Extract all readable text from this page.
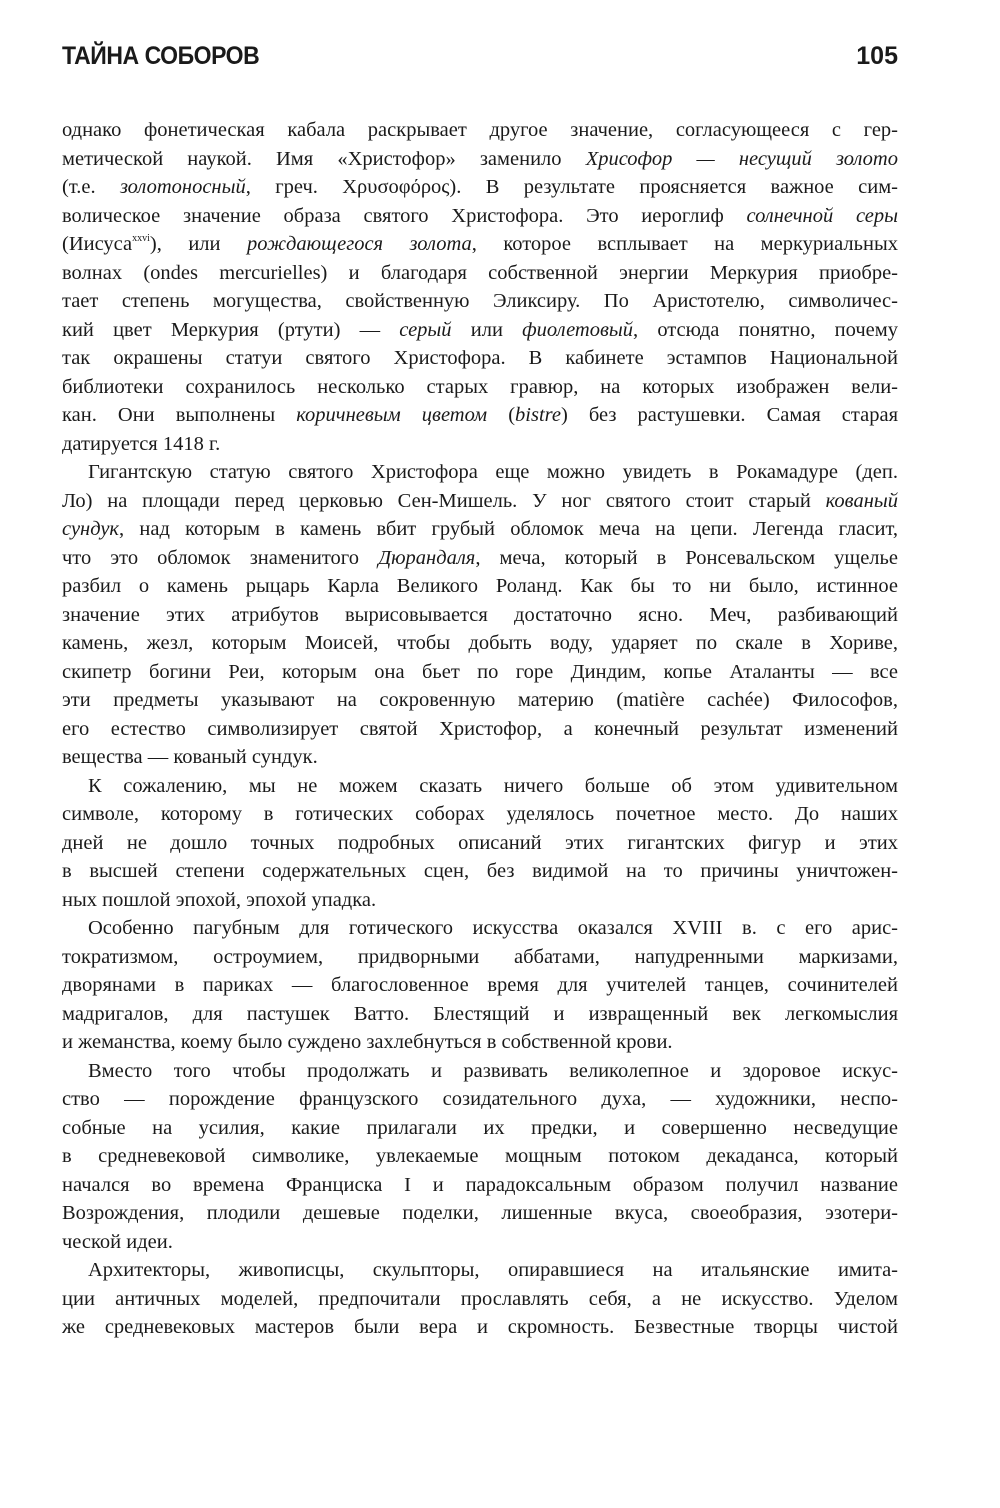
ТАЙНА СОБОРОВ	105
однако фонетическая кабала раскрывает другое значение, согласующееся с гер-
метической наукой. Имя «Христофор» заменило Хрисофор — несущий золото
(т.е. золотоносный, греч. Χρυσοφόρος). В результате проясняется важное сим-
волическое значение образа святого Христофора. Это иероглиф солнечной серы
(Иисуса$^{xxvi}$), или рождающегося золота, которое всплывает на меркуриальных
волнах (ondes mercurielles) и благодаря собственной энергии Меркурия приобре-
тает степень могущества, свойственную Эликсиру. По Аристотелю, символичес-
кий цвет Меркурия (ртути) — серый или фиолетовый, отсюда понятно, почему
так окрашены статуи святого Христофора. В кабинете эстампов Национальной
библиотеки сохранилось несколько старых гравюр, на которых изображен вели-
кан. Они выполнены коричневым цветом (bistre) без растушевки. Самая старая
датируется 1418 г.
Гигантскую статую святого Христофора еще можно увидеть в Рокамадуре (деп.
Ло) на площади перед церковью Сен-Мишель. У ног святого стоит старый кованый
сундук, над которым в камень вбит грубый обломок меча на цепи. Легенда гласит,
что это обломок знаменитого Дюрандаля, меча, который в Ронсевальском ущелье
разбил о камень рыцарь Карла Великого Роланд. Как бы то ни было, истинное
значение этих атрибутов вырисовывается достаточно ясно. Меч, разбивающий
камень, жезл, которым Моисей, чтобы добыть воду, ударяет по скале в Хориве,
скипетр богини Реи, которым она бьет по горе Диндим, копье Аталанты — все
эти предметы указывают на сокровенную материю (matière cachée) Философов,
его естество символизирует святой Христофор, а конечный результат изменений
вещества — кованый сундук.
К сожалению, мы не можем сказать ничего больше об этом удивительном
символе, которому в готических соборах уделялось почетное место. До наших
дней не дошло точных подробных описаний этих гигантских фигур и этих
в высшей степени содержательных сцен, без видимой на то причины уничтожен-
ных пошлой эпохой, эпохой упадка.
Особенно пагубным для готического искусства оказался XVIII в. с его арис-
тократизмом, остроумием, придворными аббатами, напудренными маркизами,
дворянами в париках — благословенное время для учителей танцев, сочинителей
мадригалов, для пастушек Ватто. Блестящий и извращенный век легкомыслия
и жеманства, коему было суждено захлебнуться в собственной крови.
Вместо того чтобы продолжать и развивать великолепное и здоровое искус-
ство — порождение французского созидательного духа, — художники, неспо-
собные на усилия, какие прилагали их предки, и совершенно несведущие
в средневековой символике, увлекаемые мощным потоком декаданса, который
начался во времена Франциска I и парадоксальным образом получил название
Возрождения, плодили дешевые поделки, лишенные вкуса, своеобразия, эзотери-
ческой идеи.
Архитекторы, живописцы, скульпторы, опиравшиеся на итальянские имита-
ции античных моделей, предпочитали прославлять себя, а не искусство. Уделом
же средневековых мастеров были вера и скромность. Безвестные творцы чистой
